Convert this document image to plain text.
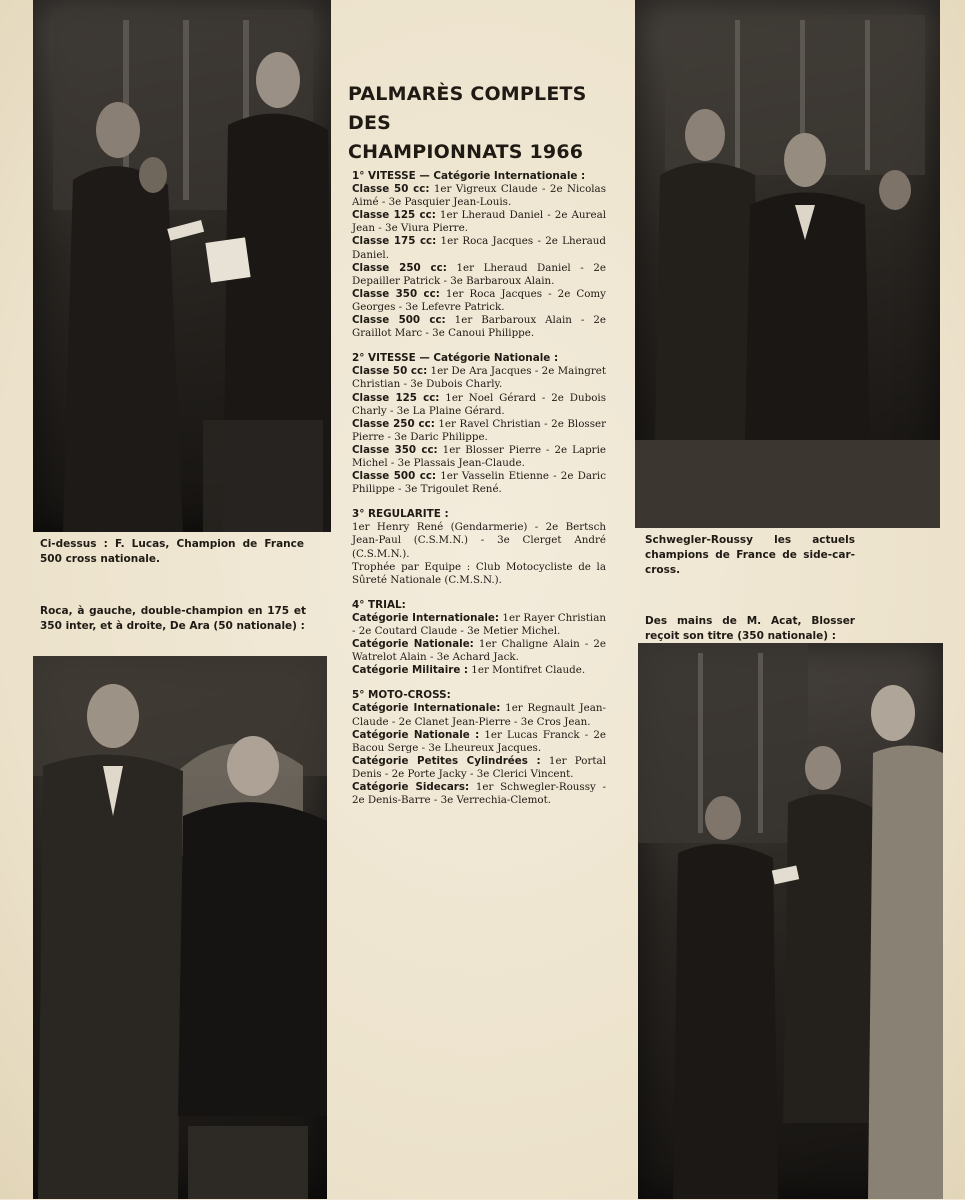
Ci-dessus : F. Lucas, Champion de France 500 cross nationale.
Roca, à gauche, double-champion en 175 et 350 inter, et à droite, De Ara (50 nationale) :
Schwegler-Roussy les actuels champions de France de side-car-cross.
Des mains de M. Acat, Blosser reçoit son titre (350 nationale) :
PALMARÈS COMPLETS
DES
CHAMPIONNATS 1966
1° VITESSE — Catégorie Internationale :
Classe 50 cc: 1er Vigreux Claude - 2e Nicolas Aimé - 3e Pasquier Jean-Louis.
Classe 125 cc: 1er Lheraud Daniel - 2e Aureal Jean - 3e Viura Pierre.
Classe 175 cc: 1er Roca Jacques - 2e Lheraud Daniel.
Classe 250 cc: 1er Lheraud Daniel - 2e Depailler Patrick - 3e Barbaroux Alain.
Classe 350 cc: 1er Roca Jacques - 2e Comy Georges - 3e Lefevre Patrick.
Classe 500 cc: 1er Barbaroux Alain - 2e Graillot Marc - 3e Canoui Philippe.
2° VITESSE — Catégorie Nationale :
Classe 50 cc: 1er De Ara Jacques - 2e Maingret Christian - 3e Dubois Charly.
Classe 125 cc: 1er Noel Gérard - 2e Dubois Charly - 3e La Plaine Gérard.
Classe 250 cc: 1er Ravel Christian - 2e Blosser Pierre - 3e Daric Philippe.
Classe 350 cc: 1er Blosser Pierre - 2e Laprie Michel - 3e Plassais Jean-Claude.
Classe 500 cc: 1er Vasselin Etienne - 2e Daric Philippe - 3e Trigoulet René.
3° REGULARITE :
1er Henry René (Gendarmerie) - 2e Bertsch Jean-Paul (C.S.M.N.) - 3e Clerget André (C.S.M.N.).
Trophée par Equipe : Club Motocycliste de la Sûreté Nationale (C.M.S.N.).
4° TRIAL:
Catégorie Internationale: 1er Rayer Christian - 2e Coutard Claude - 3e Metier Michel.
Catégorie Nationale: 1er Chaligne Alain - 2e Watrelot Alain - 3e Achard Jack.
Catégorie Militaire : 1er Montifret Claude.
5° MOTO-CROSS:
Catégorie Internationale: 1er Regnault Jean-Claude - 2e Clanet Jean-Pierre - 3e Cros Jean.
Catégorie Nationale : 1er Lucas Franck - 2e Bacou Serge - 3e Lheureux Jacques.
Catégorie Petites Cylindrées : 1er Portal Denis - 2e Porte Jacky - 3e Clerici Vincent.
Catégorie Sidecars: 1er Schwegler-Roussy - 2e Denis-Barre - 3e Verrechia-Clemot.
